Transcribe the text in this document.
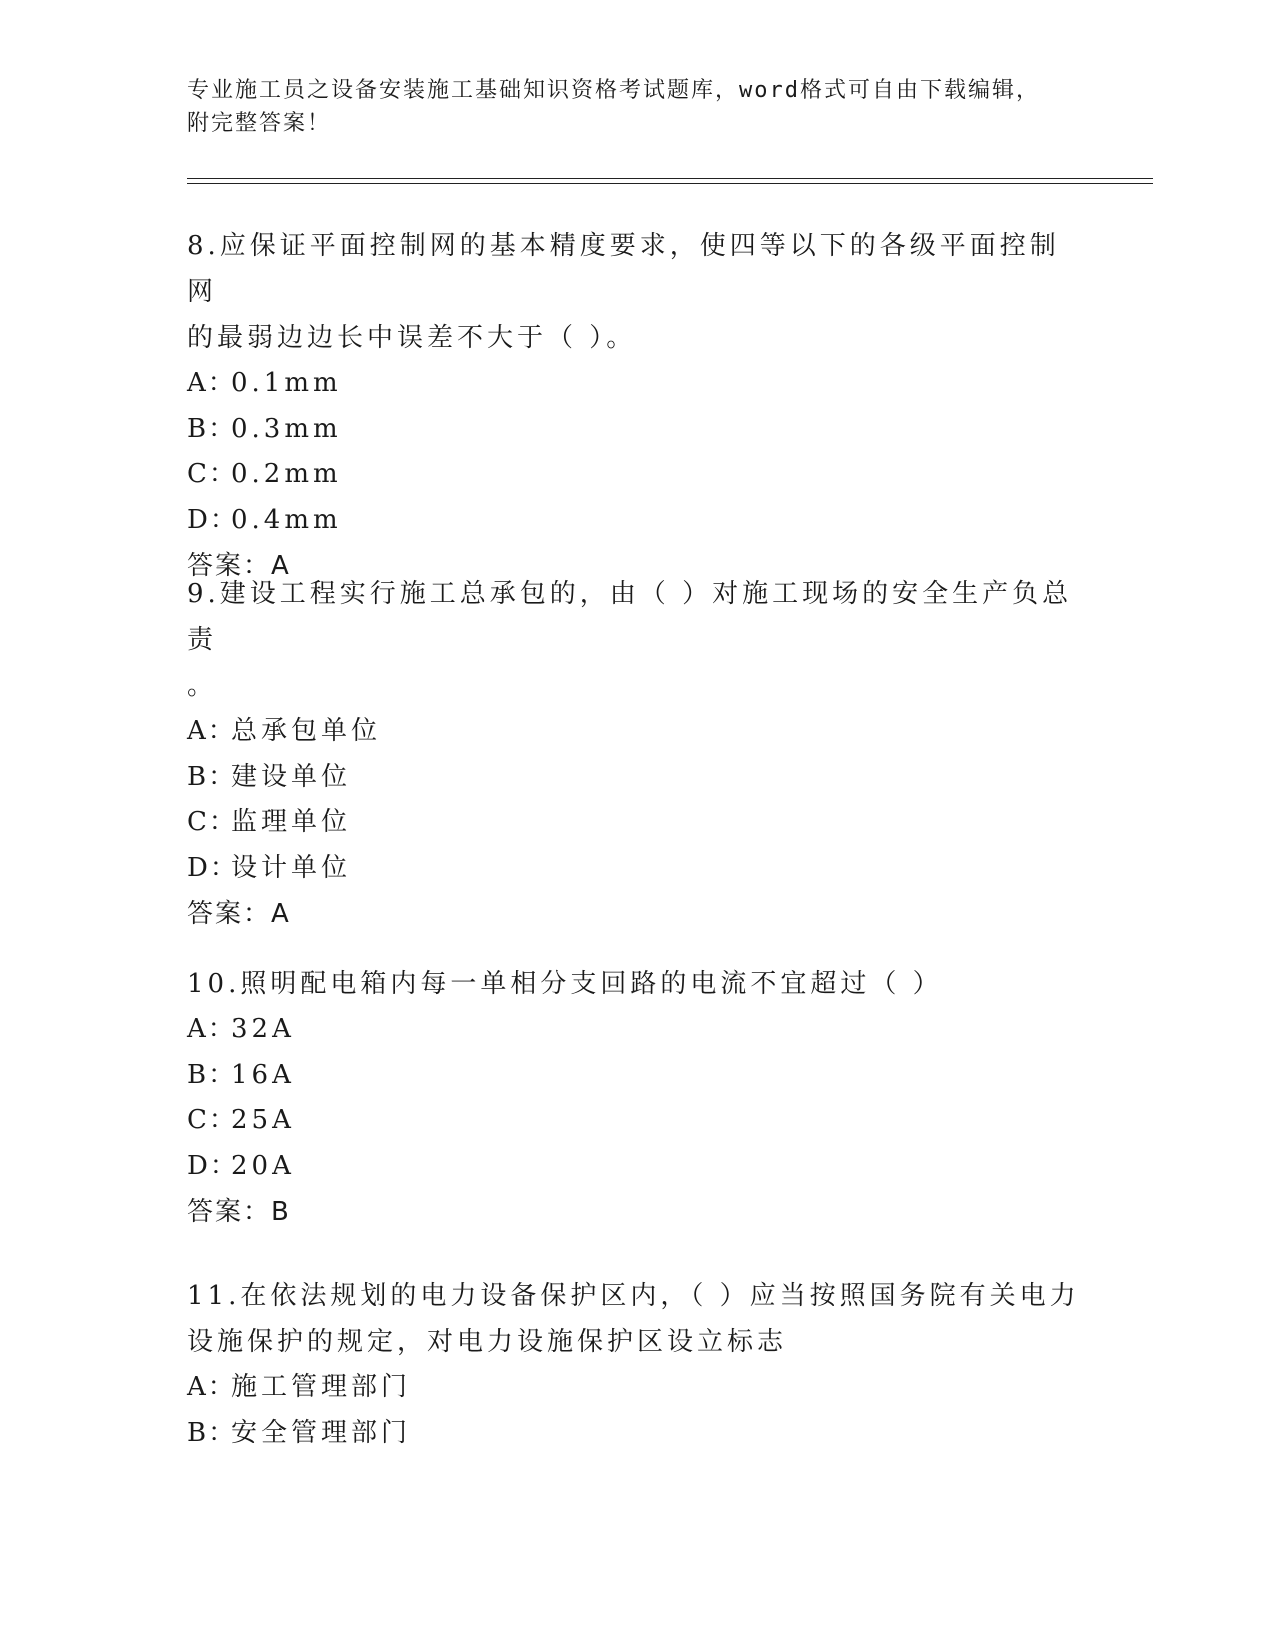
专业施工员之设备安装施工基础知识资格考试题库，word格式可自由下载编辑，
附完整答案！

8.应保证平面控制网的基本精度要求，使四等以下的各级平面控制网
的最弱边边长中误差不大于（ ）。

A：0.1mm
B：0.3mm
C：0.2mm
D：0.4mm
答案：A

9.建设工程实行施工总承包的，由（ ）对施工现场的安全生产负总责
。

A：总承包单位
B：建设单位
C：监理单位
D：设计单位
答案：A

10.照明配电箱内每一单相分支回路的电流不宜超过（ ）

A：32A
B：16A
C：25A
D：20A
答案：B

11.在依法规划的电力设备保护区内，（ ）应当按照国务院有关电力
设施保护的规定，对电力设施保护区设立标志

A：施工管理部门
B：安全管理部门
